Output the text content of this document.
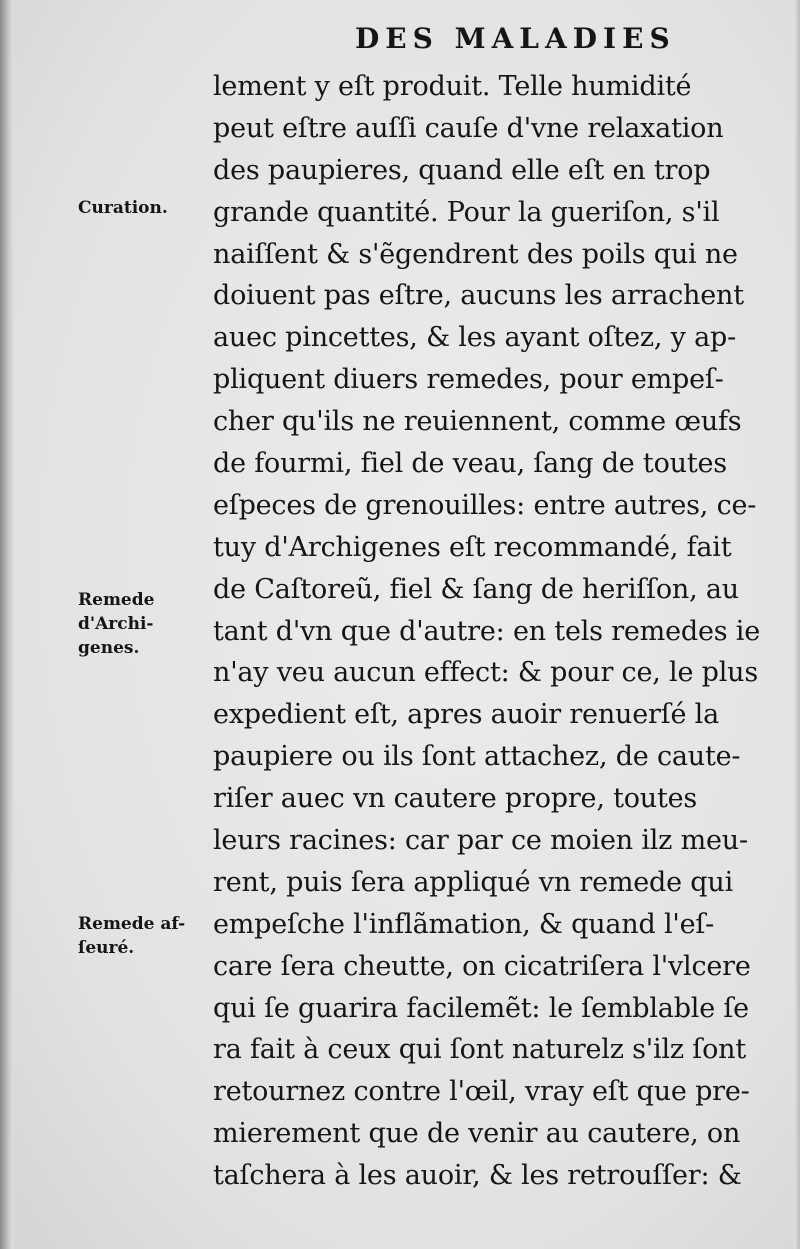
DES MALADIES
Curation.
Remede
d'Archi-
genes.
Remede af-
ſeuré.
lement y eſt produit. Telle humidité
peut eſtre auſſi cauſe d'vne relaxation
des paupieres, quand elle eſt en trop
grande quantité. Pour la gueriſon, s'il
naiſſent & s'ẽgendrent des poils qui ne
doiuent pas eſtre, aucuns les arrachent
auec pincettes, & les ayant oſtez, y ap-
pliquent diuers remedes, pour empeſ-
cher qu'ils ne reuiennent, comme œufs
de fourmi, fiel de veau, ſang de toutes
eſpeces de grenouilles: entre autres, ce-
tuy d'Archigenes eſt recommandé, fait
de Caſtoreũ, fiel & ſang de heriſſon, au
tant d'vn que d'autre: en tels remedes ie
n'ay veu aucun effect: & pour ce, le plus
expedient eſt, apres auoir renuerſé la
paupiere ou ils ſont attachez, de caute-
riſer auec vn cautere propre, toutes
leurs racines: car par ce moien ilz meu-
rent, puis ſera appliqué vn remede qui
empeſche l'inflãmation, & quand l'eſ-
care ſera cheutte, on cicatriſera l'vlcere
qui ſe guarira facilemẽt: le ſemblable ſe
ra fait à ceux qui ſont naturelz s'ilz ſont
retournez contre l'œil, vray eſt que pre-
mierement que de venir au cautere, on
taſchera à les auoir, & les retrouſſer: &
